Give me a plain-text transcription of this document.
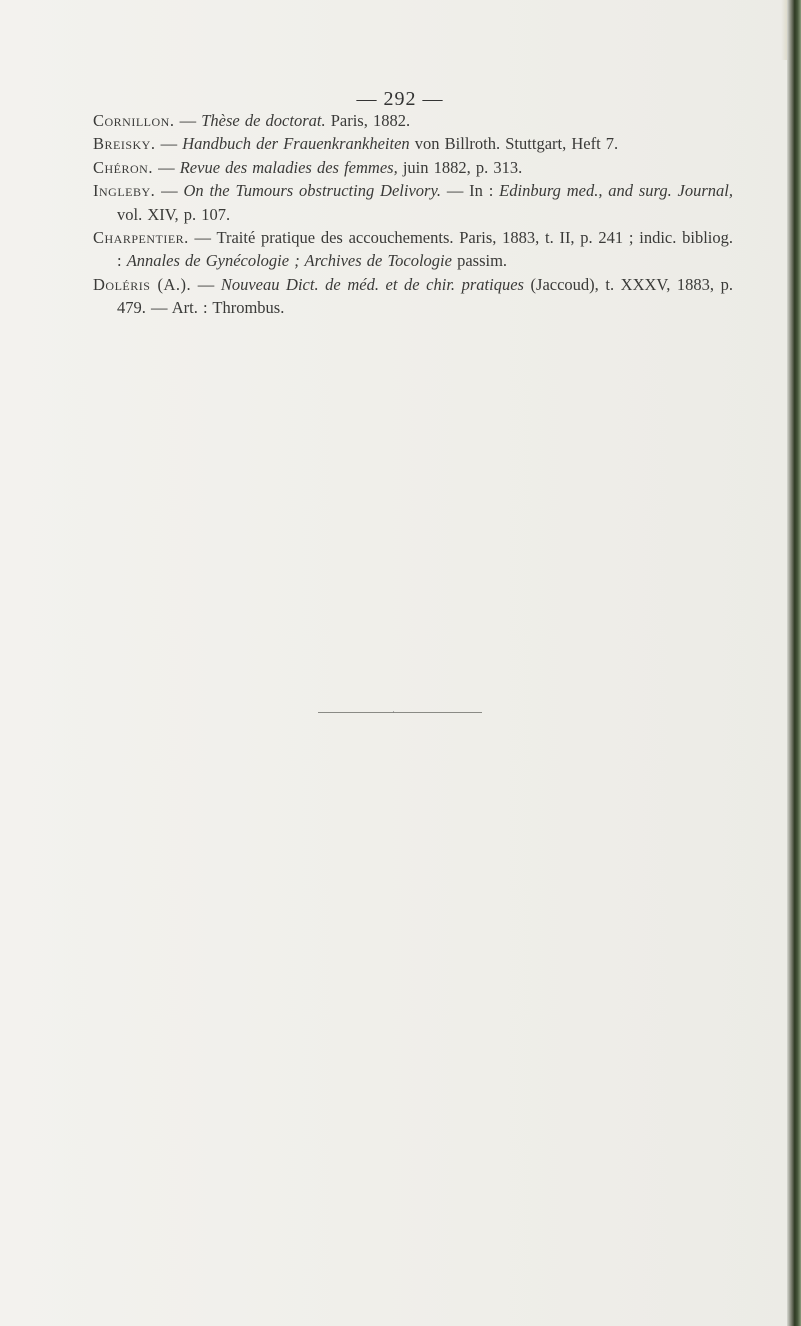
— 292 —
Cornillon. — Thèse de doctorat. Paris, 1882.
Breisky. — Handbuch der Frauenkrankheiten von Billroth. Stuttgart, Heft 7.
Chéron. — Revue des maladies des femmes, juin 1882, p. 313.
Ingleby. — On the Tumours obstructing Delivory. — In : Edinburg med., and surg. Journal, vol. XIV, p. 107.
Charpentier. — Traité pratique des accouchements. Paris, 1883, t. II, p. 241 ; indic. bibliog. : Annales de Gynécologie ; Archives de Tocologie passim.
Doléris (A.). — Nouveau Dict. de méd. et de chir. pratiques (Jaccoud), t. XXXV, 1883, p. 479. — Art. : Thrombus.
·
